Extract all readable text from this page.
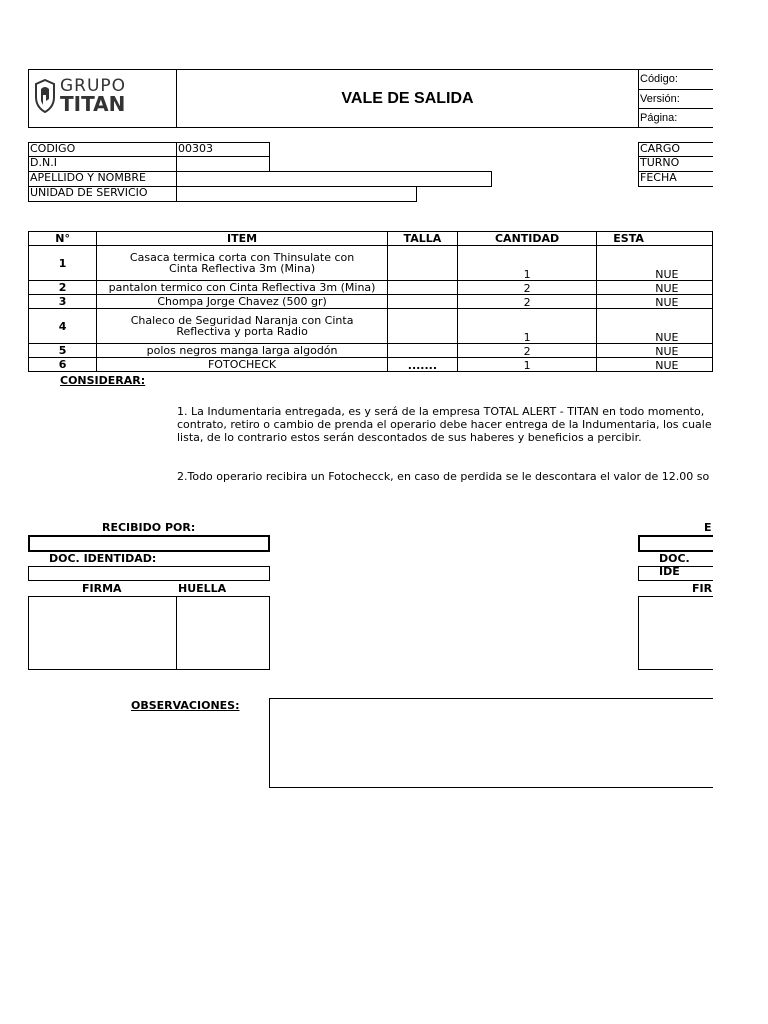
GRUPO
TITAN	VALE DE SALIDA
Código:
Versión:
Página:
CODIGO	00303
D.N.I
APELLIDO Y NOMBRE
UNIDAD DE SERVICIO
CARGO
TURNO
FECHA
N°	ITEM	TALLA	CANTIDAD	ESTA
1	Casaca termica corta con Thinsulate con Cinta Reflectiva 3m (Mina)		1	NUE
2	pantalon termico con Cinta Reflectiva 3m (Mina)		2	NUE
3	Chompa Jorge Chavez (500 gr)		2	NUE
4	Chaleco de Seguridad Naranja con Cinta Reflectiva y porta Radio		1	NUE
5	polos negros manga larga algodón		2	NUE
6	FOTOCHECK	.......	1	NUE
CONSIDERAR:
1. La Indumentaria entregada, es y será de la empresa TOTAL ALERT - TITAN en todo momento, contrato, retiro o cambio de prenda el operario debe hacer entrega de la Indumentaria, los cuale lista, de lo contrario estos serán descontados de sus haberes y beneficios a percibir.
2.Todo operario recibira un Fotochecck, en caso de perdida se le descontara el valor de 12.00 so
RECIBIDO POR:
DOC. IDENTIDAD:
FIRMA	HUELLA
E
DOC. IDE
FIR
OBSERVACIONES:
